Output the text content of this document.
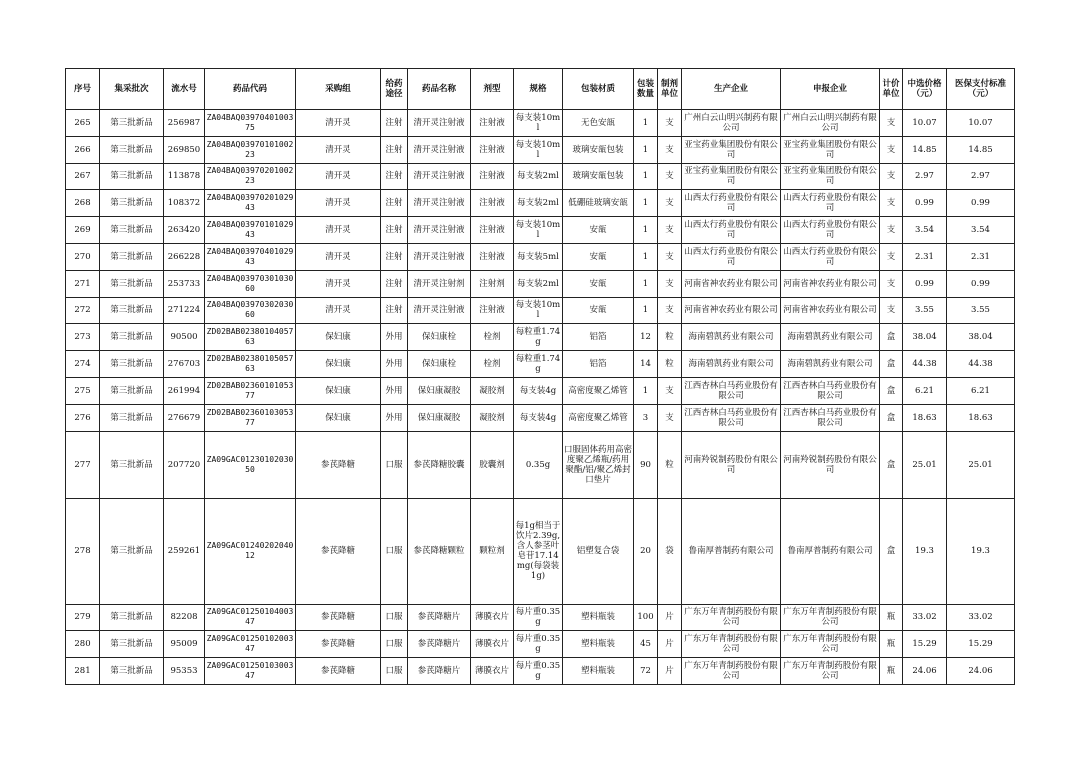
序号	集采批次	流水号	药品代码	采购组	给药途径	药品名称	剂型	规格	包装材质	包装数量	制剂单位	生产企业	申报企业	计价单位	中选价格（元）	医保支付标准（元）
265	第三批新品	256987	ZA04BAQ0397040100375	清开灵	注射	清开灵注射液	注射液	每支装10ml	无色安瓿	1	支	广州白云山明兴制药有限公司	广州白云山明兴制药有限公司	支	10.07	10.07
266	第三批新品	269850	ZA04BAQ0397010100223	清开灵	注射	清开灵注射液	注射液	每支装10ml	玻璃安瓿包装	1	支	亚宝药业集团股份有限公司	亚宝药业集团股份有限公司	支	14.85	14.85
267	第三批新品	113878	ZA04BAQ0397020100223	清开灵	注射	清开灵注射液	注射液	每支装2ml	玻璃安瓿包装	1	支	亚宝药业集团股份有限公司	亚宝药业集团股份有限公司	支	2.97	2.97
268	第三批新品	108372	ZA04BAQ0397020102943	清开灵	注射	清开灵注射液	注射液	每支装2ml	低硼硅玻璃安瓿	1	支	山西太行药业股份有限公司	山西太行药业股份有限公司	支	0.99	0.99
269	第三批新品	263420	ZA04BAQ0397010102943	清开灵	注射	清开灵注射液	注射液	每支装10ml	安瓿	1	支	山西太行药业股份有限公司	山西太行药业股份有限公司	支	3.54	3.54
270	第三批新品	266228	ZA04BAQ0397040102943	清开灵	注射	清开灵注射液	注射液	每支装5ml	安瓿	1	支	山西太行药业股份有限公司	山西太行药业股份有限公司	支	2.31	2.31
271	第三批新品	253733	ZA04BAQ0397030103060	清开灵	注射	清开灵注射剂	注射剂	每支装2ml	安瓿	1	支	河南省神农药业有限公司	河南省神农药业有限公司	支	0.99	0.99
272	第三批新品	271224	ZA04BAQ0397030203060	清开灵	注射	清开灵注射液	注射液	每支装10ml	安瓿	1	支	河南省神农药业有限公司	河南省神农药业有限公司	支	3.55	3.55
273	第三批新品	90500	ZD02BAB0238010405763	保妇康	外用	保妇康栓	栓剂	每粒重1.74g	铝箔	12	粒	海南碧凯药业有限公司	海南碧凯药业有限公司	盒	38.04	38.04
274	第三批新品	276703	ZD02BAB0238010505763	保妇康	外用	保妇康栓	栓剂	每粒重1.74g	铝箔	14	粒	海南碧凯药业有限公司	海南碧凯药业有限公司	盒	44.38	44.38
275	第三批新品	261994	ZD02BAB0236010105377	保妇康	外用	保妇康凝胶	凝胶剂	每支装4g	高密度聚乙烯管	1	支	江西杏林白马药业股份有限公司	江西杏林白马药业股份有限公司	盒	6.21	6.21
276	第三批新品	276679	ZD02BAB0236010305377	保妇康	外用	保妇康凝胶	凝胶剂	每支装4g	高密度聚乙烯管	3	支	江西杏林白马药业股份有限公司	江西杏林白马药业股份有限公司	盒	18.63	18.63
277	第三批新品	207720	ZA09GAC0123010203050	参芪降糖	口服	参芪降糖胶囊	胶囊剂	0.35g	口服固体药用高密度聚乙烯瓶/药用聚酯/铝/聚乙烯封口垫片	90	粒	河南羚锐制药股份有限公司	河南羚锐制药股份有限公司	盒	25.01	25.01
278	第三批新品	259261	ZA09GAC0124020204012	参芪降糖	口服	参芪降糖颗粒	颗粒剂	每1g相当于饮片2.39g,含人参茎叶皂苷17.14mg(每袋装1g)	铝塑复合袋	20	袋	鲁南厚普制药有限公司	鲁南厚普制药有限公司	盒	19.3	19.3
279	第三批新品	82208	ZA09GAC0125010400347	参芪降糖	口服	参芪降糖片	薄膜衣片	每片重0.35g	塑料瓶装	100	片	广东万年青制药股份有限公司	广东万年青制药股份有限公司	瓶	33.02	33.02
280	第三批新品	95009	ZA09GAC0125010200347	参芪降糖	口服	参芪降糖片	薄膜衣片	每片重0.35g	塑料瓶装	45	片	广东万年青制药股份有限公司	广东万年青制药股份有限公司	瓶	15.29	15.29
281	第三批新品	95353	ZA09GAC0125010300347	参芪降糖	口服	参芪降糖片	薄膜衣片	每片重0.35g	塑料瓶装	72	片	广东万年青制药股份有限公司	广东万年青制药股份有限公司	瓶	24.06	24.06
